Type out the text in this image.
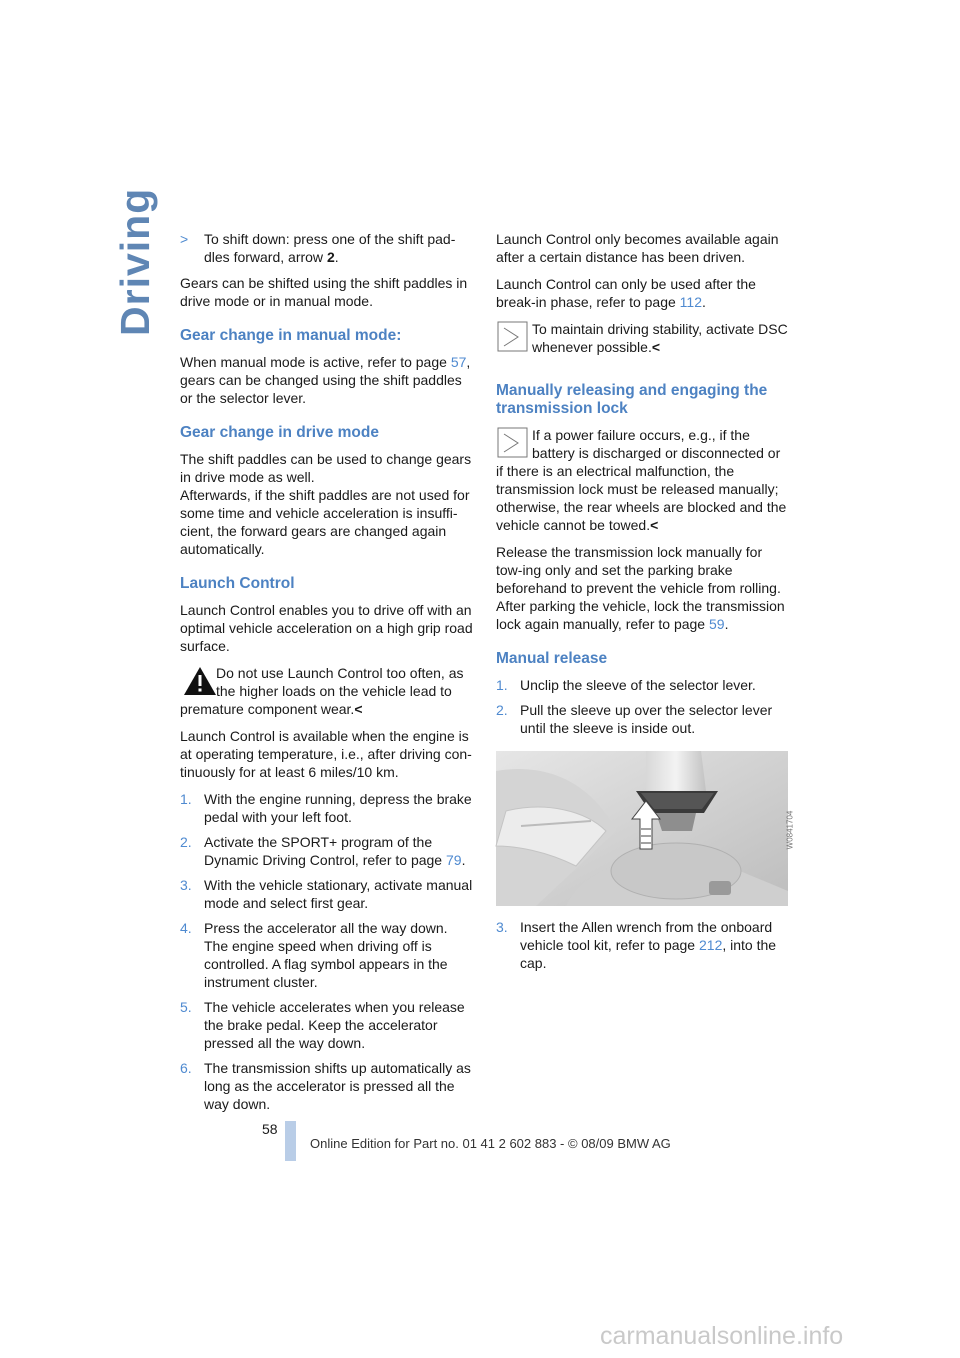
Driving > To shift down: press one of the shift pad-dles forward, arrow 2.

Gears can be shifted using the shift paddles in drive mode or in manual mode.

Gear change in manual mode:

When manual mode is active, refer to page 57, gears can be changed using the shift paddles or the selector lever.

Gear change in drive mode

The shift paddles can be used to change gears in drive mode as well.

Afterwards, if the shift paddles are not used for some time and vehicle acceleration is insuffi-cient, the forward gears are changed again automatically.

Launch Control

Launch Control enables you to drive off with an optimal vehicle acceleration on a high grip road surface.

Do not use Launch Control too often, as the higher loads on the vehicle lead to premature component wear.<

Launch Control is available when the engine is at operating temperature, i.e., after driving con-tinuously for at least 6 miles/10 km.

1. With the engine running, depress the brake pedal with your left foot.
2. Activate the SPORT+ program of the Dynamic Driving Control, refer to page 79.
3. With the vehicle stationary, activate manual mode and select first gear.
4. Press the accelerator all the way down. The engine speed when driving off is controlled. A flag symbol appears in the instrument cluster.
5. The vehicle accelerates when you release the brake pedal. Keep the accelerator pressed all the way down.
6. The transmission shifts up automatically as long as the accelerator is pressed all the way down.

Launch Control only becomes available again after a certain distance has been driven.

Launch Control can only be used after the break-in phase, refer to page 112.

To maintain driving stability, activate DSC whenever possible.<
Manually releasing and engaging the transmission lock
If a power failure occurs, e.g., if the battery is discharged or disconnected or if there is an electrical malfunction, the transmission lock must be released manually; otherwise, the rear wheels are blocked and the vehicle cannot be towed.<

Release the transmission lock manually for tow-ing only and set the parking brake beforehand to prevent the vehicle from rolling. After parking the vehicle, lock the transmission lock again manually, refer to page 59.

Manual release
1. Unclip the sleeve of the selector lever.
2. Pull the sleeve up over the selector lever until the sleeve is inside out.
W0841704
3. Insert the Allen wrench from the onboard vehicle tool kit, refer to page 212, into the cap.
58
Online Edition for Part no. 01 41 2 602 883 - © 08/09 BMW AG
carmanualsonline.info
